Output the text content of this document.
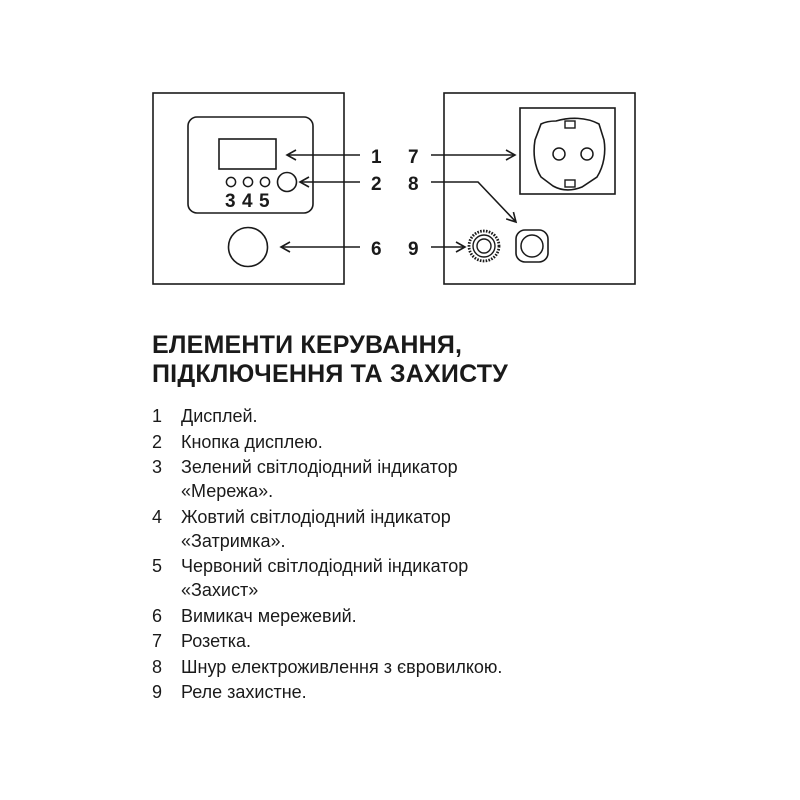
1
2
3 4 5
6
7
8
9
ЕЛЕМЕНТИ КЕРУВАННЯ,
ПІДКЛЮЧЕННЯ ТА ЗАХИСТУ
1	Дисплей.
2	Кнопка дисплею.
3	Зелений світлодіодний індикатор
«Мережа».
4	Жовтий світлодіодний індикатор
«Затримка».
5	Червоний світлодіодний індикатор
«Захист»
6	Вимикач мережевий.
7	Розетка.
8	Шнур електроживлення з євровилкою.
9	Реле захистне.
